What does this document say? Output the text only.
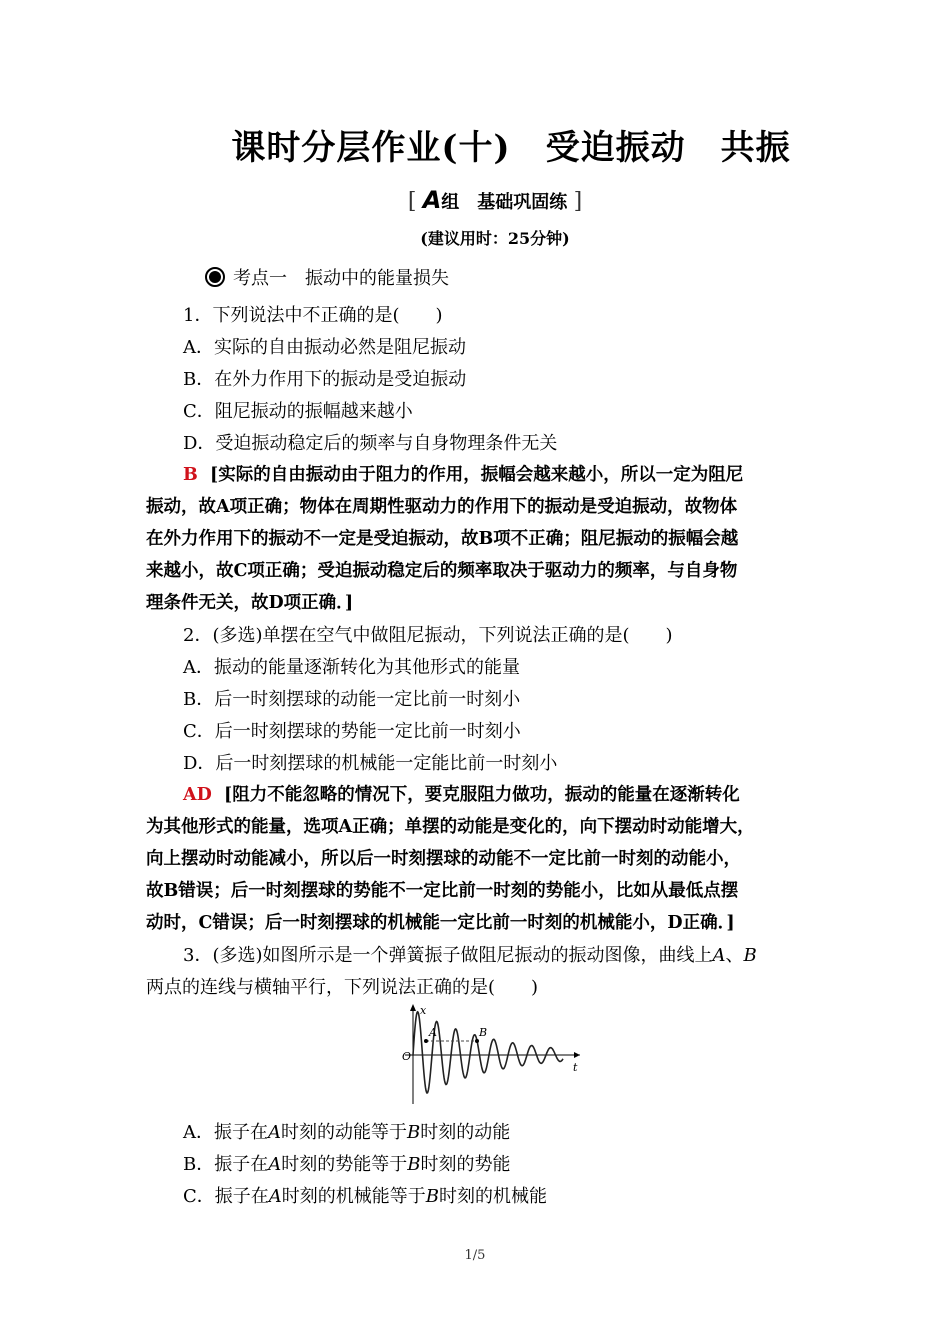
课时分层作业(十)　受迫振动　共振
[ A组　基础巩固练 ]
(建议用时：25分钟)
考点一　振动中的能量损失
1．下列说法中不正确的是(　　)
A．实际的自由振动必然是阻尼振动
B．在外力作用下的振动是受迫振动
C．阻尼振动的振幅越来越小
D．受迫振动稳定后的频率与自身物理条件无关
B [实际的自由振动由于阻力的作用，振幅会越来越小，所以一定为阻尼
振动，故A项正确；物体在周期性驱动力的作用下的振动是受迫振动，故物体
在外力作用下的振动不一定是受迫振动，故B项不正确；阻尼振动的振幅会越
来越小，故C项正确；受迫振动稳定后的频率取决于驱动力的频率，与自身物
理条件无关，故D项正确．]
2．(多选)单摆在空气中做阻尼振动，下列说法正确的是(　　)
A．振动的能量逐渐转化为其他形式的能量
B．后一时刻摆球的动能一定比前一时刻小
C．后一时刻摆球的势能一定比前一时刻小
D．后一时刻摆球的机械能一定能比前一时刻小
AD [阻力不能忽略的情况下，要克服阻力做功，振动的能量在逐渐转化
为其他形式的能量，选项A正确；单摆的动能是变化的，向下摆动时动能增大，
向上摆动时动能减小，所以后一时刻摆球的动能不一定比前一时刻的动能小，
故B错误；后一时刻摆球的势能不一定比前一时刻的势能小，比如从最低点摆
动时，C错误；后一时刻摆球的机械能一定比前一时刻的机械能小，D正确．]
3．(多选)如图所示是一个弹簧振子做阻尼振动的振动图像，曲线上A、B
两点的连线与横轴平行，下列说法正确的是(　　)
x
t
O
A	B
A．振子在A时刻的动能等于B时刻的动能
B．振子在A时刻的势能等于B时刻的势能
C．振子在A时刻的机械能等于B时刻的机械能
1/5
